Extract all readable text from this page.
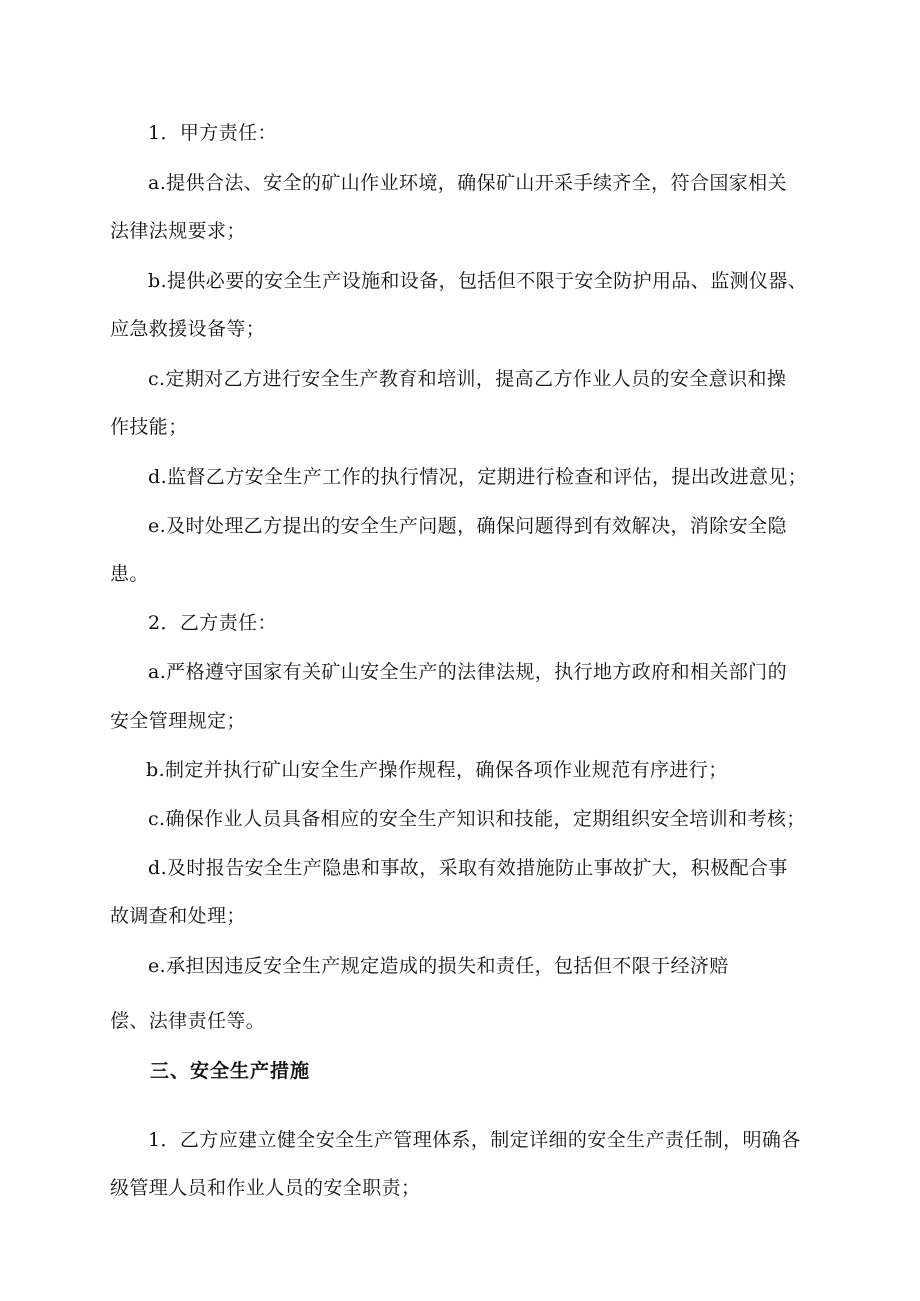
1．甲方责任：
a.提供合法、安全的矿山作业环境，确保矿山开采手续齐全，符合国家相关
法律法规要求；
b.提供必要的安全生产设施和设备，包括但不限于安全防护用品、监测仪器、
应急救援设备等；
c.定期对乙方进行安全生产教育和培训，提高乙方作业人员的安全意识和操
作技能；
d.监督乙方安全生产工作的执行情况，定期进行检查和评估，提出改进意见；
e.及时处理乙方提出的安全生产问题，确保问题得到有效解决，消除安全隐
患。
2．乙方责任：
a.严格遵守国家有关矿山安全生产的法律法规，执行地方政府和相关部门的
安全管理规定；
b.制定并执行矿山安全生产操作规程，确保各项作业规范有序进行；
c.确保作业人员具备相应的安全生产知识和技能，定期组织安全培训和考核；
d.及时报告安全生产隐患和事故，采取有效措施防止事故扩大，积极配合事
故调查和处理；
e.承担因违反安全生产规定造成的损失和责任，包括但不限于经济赔
偿、法律责任等。
三、安全生产措施
1．乙方应建立健全安全生产管理体系，制定详细的安全生产责任制，明确各
级管理人员和作业人员的安全职责；
